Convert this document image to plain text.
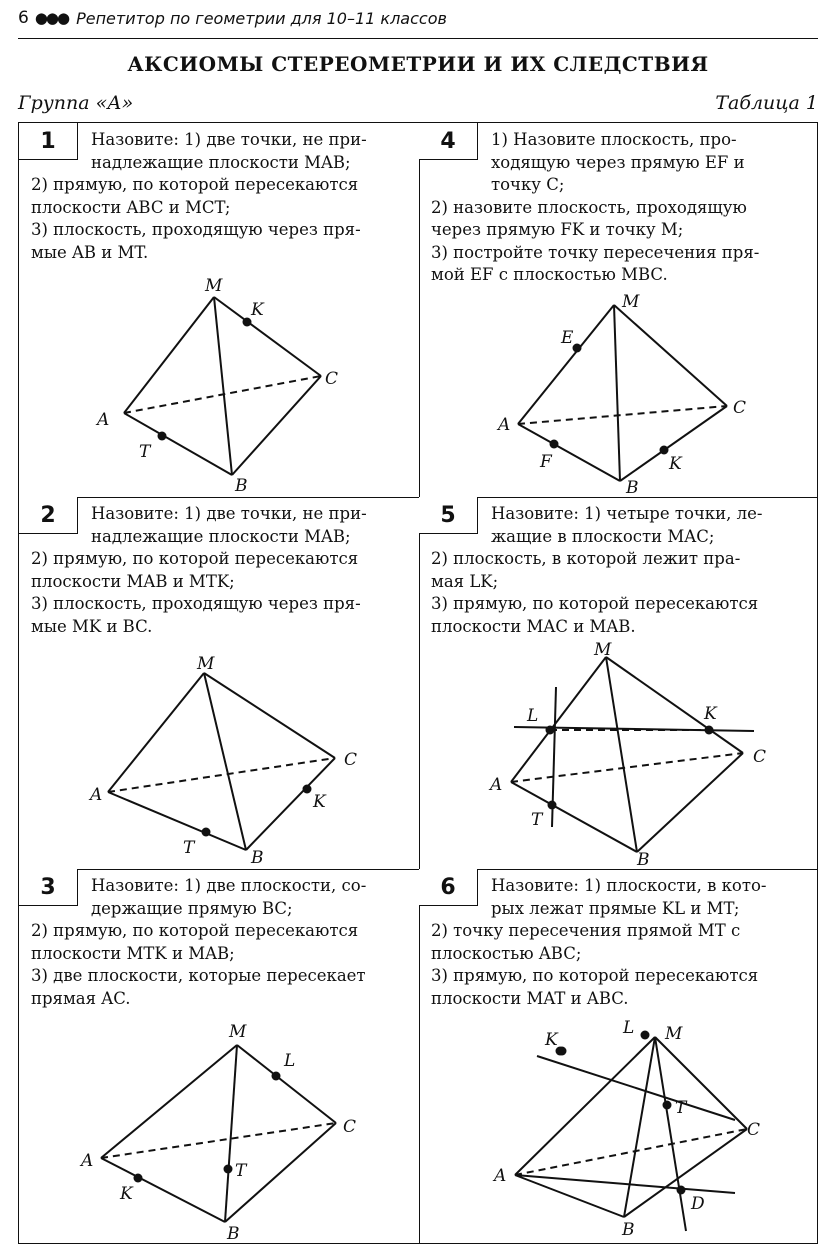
6 ●●● Репетитор по геометрии для 10–11 классов
АКСИОМЫ СТЕРЕОМЕТРИИ И ИХ СЛЕДСТВИЯ
Группа «А»	Таблица 1
1	Назовите: 1) две точки, не при-
надлежащие плоскости MAB;
2) прямую, по которой пересекаются
плоскости ABC и MCT;
3) плоскость, проходящую через пря-
мые AB и MT.
M
K
C
A
T
B
4	1) Назовите плоскость, про-
ходящую через прямую EF и
точку C;
2) назовите плоскость, проходящую
через прямую FK и точку M;
3) постройте точку пересечения пря-
мой EF с плоскостью MBC.
M
E
C
A
F	K
B
2	Назовите: 1) две точки, не при-
надлежащие плоскости MAB;
2) прямую, по которой пересекаются
плоскости MAB и MTK;
3) плоскость, проходящую через пря-
мые MK и BC.
M
C
A	K
T	B
5	Назовите: 1) четыре точки, ле-
жащие в плоскости MAC;
2) плоскость, в которой лежит пра-
мая LK;
3) прямую, по которой пересекаются
плоскости MAC и MAB.
M
L	K
C
A
T
B
3	Назовите: 1) две плоскости, со-
держащие прямую BC;
2) прямую, по которой пересекаются
плоскости MTK и MAB;
3) две плоскости, которые пересекает
прямая AC.
M
L
C
A	T
K
B
6	Назовите: 1) плоскости, в кото-
рых лежат прямые KL и MT;
2) точку пересечения прямой MT с
плоскостью ABC;
3) прямую, по которой пересекаются
плоскости MAT и ABC.
M
T
K
L
C
A
D
B
